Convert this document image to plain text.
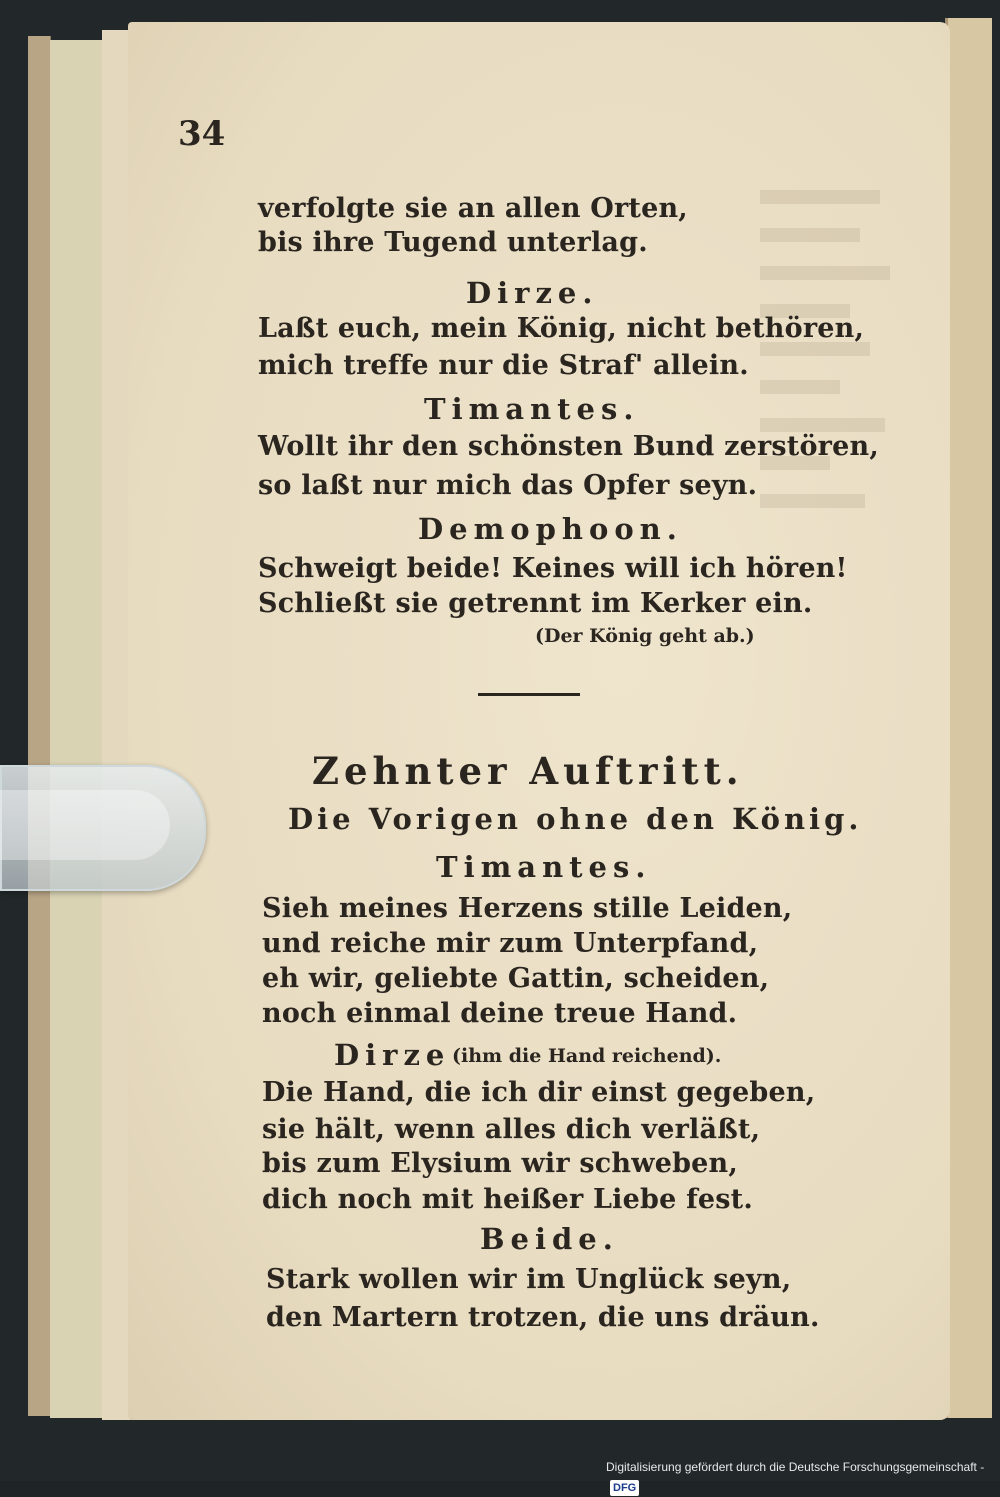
34
verfolgte sie an allen Orten,
bis ihre Tugend unterlag.
Dirze.
Laßt euch, mein König, nicht bethören,
mich treffe nur die Straf' allein.
Timantes.
Wollt ihr den schönsten Bund zerstören,
so laßt nur mich das Opfer seyn.
Demophoon.
Schweigt beide! Keines will ich hören!
Schließt sie getrennt im Kerker ein.
(Der König geht ab.)
Zehnter Auftritt.
Die Vorigen ohne den König.
Timantes.
Sieh meines Herzens stille Leiden,
und reiche mir zum Unterpfand,
eh wir, geliebte Gattin, scheiden,
noch einmal deine treue Hand.
Dirze (ihm die Hand reichend).
Die Hand, die ich dir einst gegeben,
sie hält, wenn alles dich verläßt,
bis zum Elysium wir schweben,
dich noch mit heißer Liebe fest.
Beide.
Stark wollen wir im Unglück seyn,
den Martern trotzen, die uns dräun.
Digitalisierung gefördert durch die Deutsche Forschungsgemeinschaft -DFG
